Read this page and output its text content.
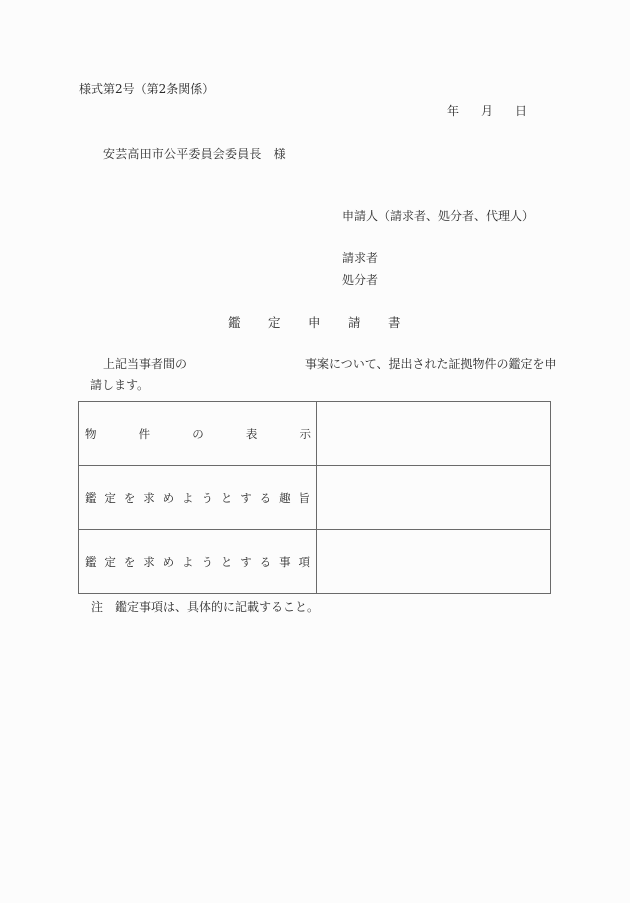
様式第2号（第2条関係）
年 月 日
安芸高田市公平委員会委員長 様
申請人（請求者、処分者、代理人）
請求者
処分者
鑑 定 申 請 書
上記当事者間の	事案について、提出された証拠物件の鑑定を申
請します。
物 件 の 表 示	

鑑 定 を 求 め よ う と す る 趣 旨

鑑 定 を 求 め よ う と す る 事 項

注 鑑定事項は、具体的に記載すること。
